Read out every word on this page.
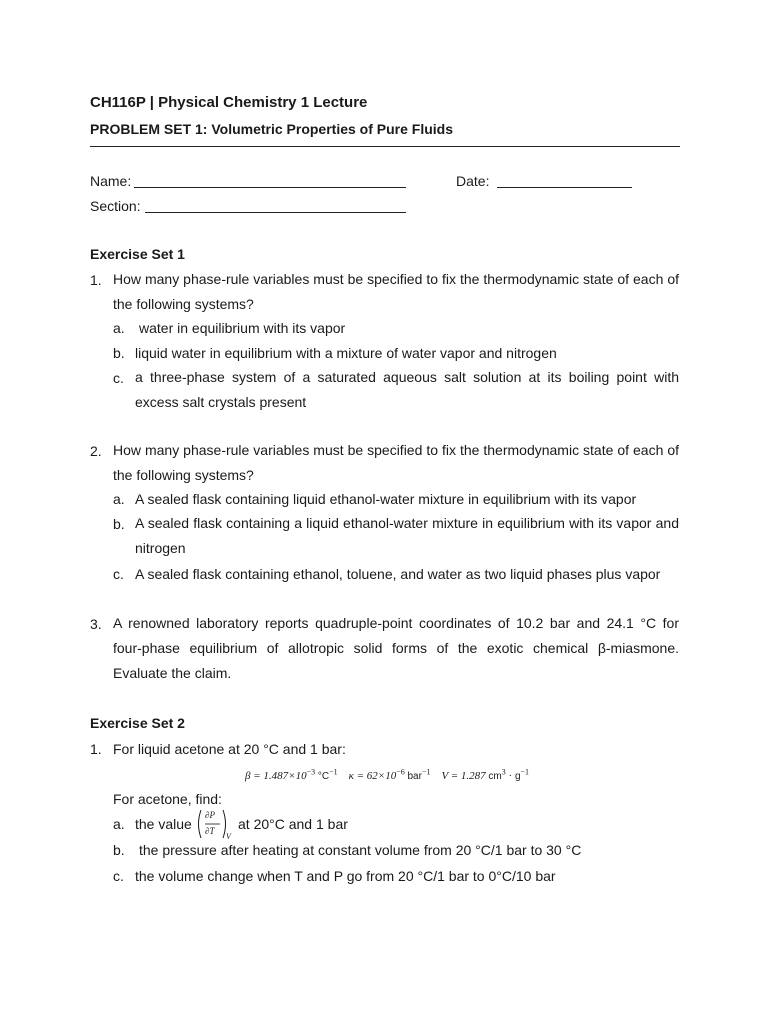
CH116P | Physical Chemistry 1 Lecture
PROBLEM SET 1: Volumetric Properties of Pure Fluids
Name:	Date:
Section:
Exercise Set 1
1. How many phase-rule variables must be specified to fix the thermodynamic state of each of the following systems?
a. water in equilibrium with its vapor
b. liquid water in equilibrium with a mixture of water vapor and nitrogen
c. a three-phase system of a saturated aqueous salt solution at its boiling point with excess salt crystals present
2. How many phase-rule variables must be specified to fix the thermodynamic state of each of the following systems?
a. A sealed flask containing liquid ethanol-water mixture in equilibrium with its vapor
b. A sealed flask containing a liquid ethanol-water mixture in equilibrium with its vapor and nitrogen
c. A sealed flask containing ethanol, toluene, and water as two liquid phases plus vapor
3. A renowned laboratory reports quadruple-point coordinates of 10.2 bar and 24.1 °C for four-phase equilibrium of allotropic solid forms of the exotic chemical β-miasmone. Evaluate the claim.
Exercise Set 2
1. For liquid acetone at 20 °C and 1 bar:
$\beta = 1.487\times 10^{-3}$ $^\circ C^{-1}$ $\kappa = 62\times 10^{-6}$ bar$^{-1}$ V = 1.287 $cm^3 \cdot g^{-1}$
For acetone, find:
a. the value
∂P
∂T
V
at 20°C and 1 bar
b. the pressure after heating at constant volume from 20 °C/1 bar to 30 °C
c. the volume change when T and P go from 20 °C/1 bar to 0°C/10 bar
